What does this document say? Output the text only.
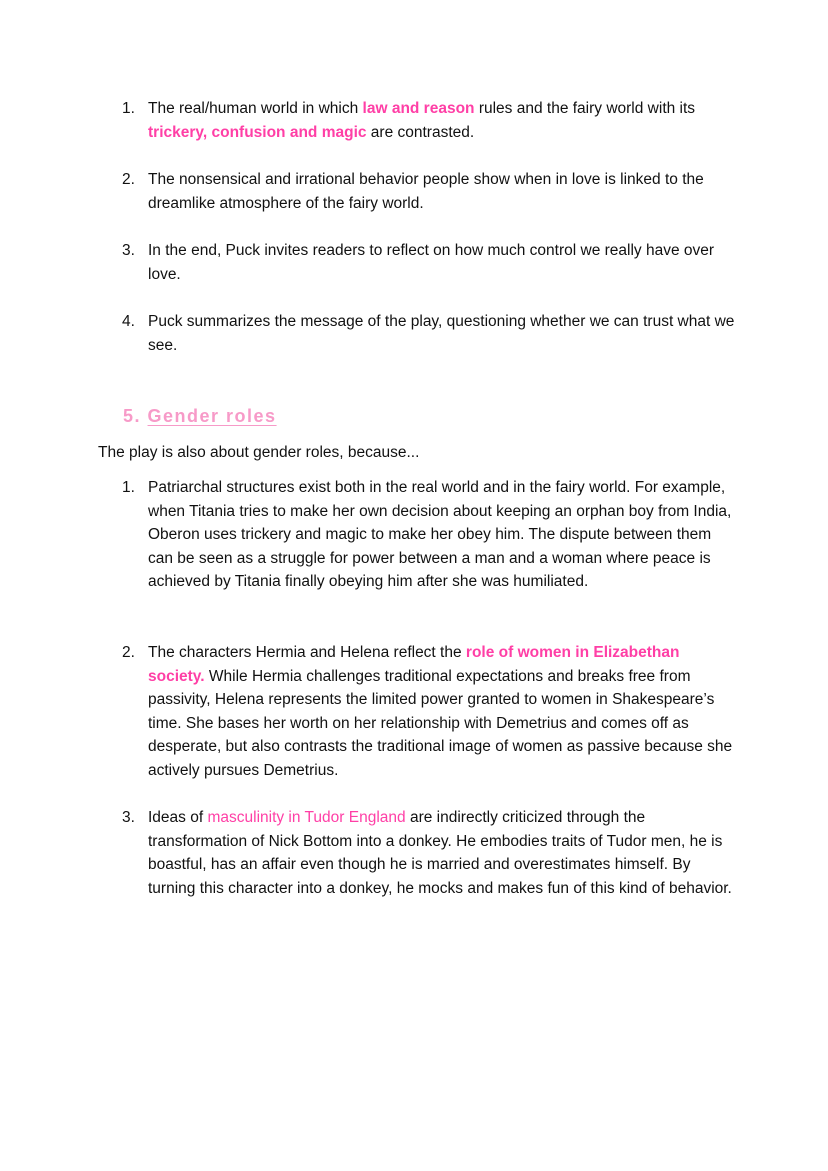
1. The real/human world in which law and reason rules and the fairy world with its trickery, confusion and magic are contrasted.
2. The nonsensical and irrational behavior people show when in love is linked to the dreamlike atmosphere of the fairy world.
3. In the end, Puck invites readers to reflect on how much control we really have over love.
4. Puck summarizes the message of the play, questioning whether we can trust what we see.
5. Gender roles
The play is also about gender roles, because...
1. Patriarchal structures exist both in the real world and in the fairy world. For example, when Titania tries to make her own decision about keeping an orphan boy from India, Oberon uses trickery and magic to make her obey him. The dispute between them can be seen as a struggle for power between a man and a woman where peace is achieved by Titania finally obeying him after she was humiliated.
2. The characters Hermia and Helena reflect the role of women in Elizabethan society. While Hermia challenges traditional expectations and breaks free from passivity, Helena represents the limited power granted to women in Shakespeare’s time. She bases her worth on her relationship with Demetrius and comes off as desperate, but also contrasts the traditional image of women as passive because she actively pursues Demetrius.
3. Ideas of masculinity in Tudor England are indirectly criticized through the transformation of Nick Bottom into a donkey. He embodies traits of Tudor men, he is boastful, has an affair even though he is married and overestimates himself. By turning this character into a donkey, he mocks and makes fun of this kind of behavior.
